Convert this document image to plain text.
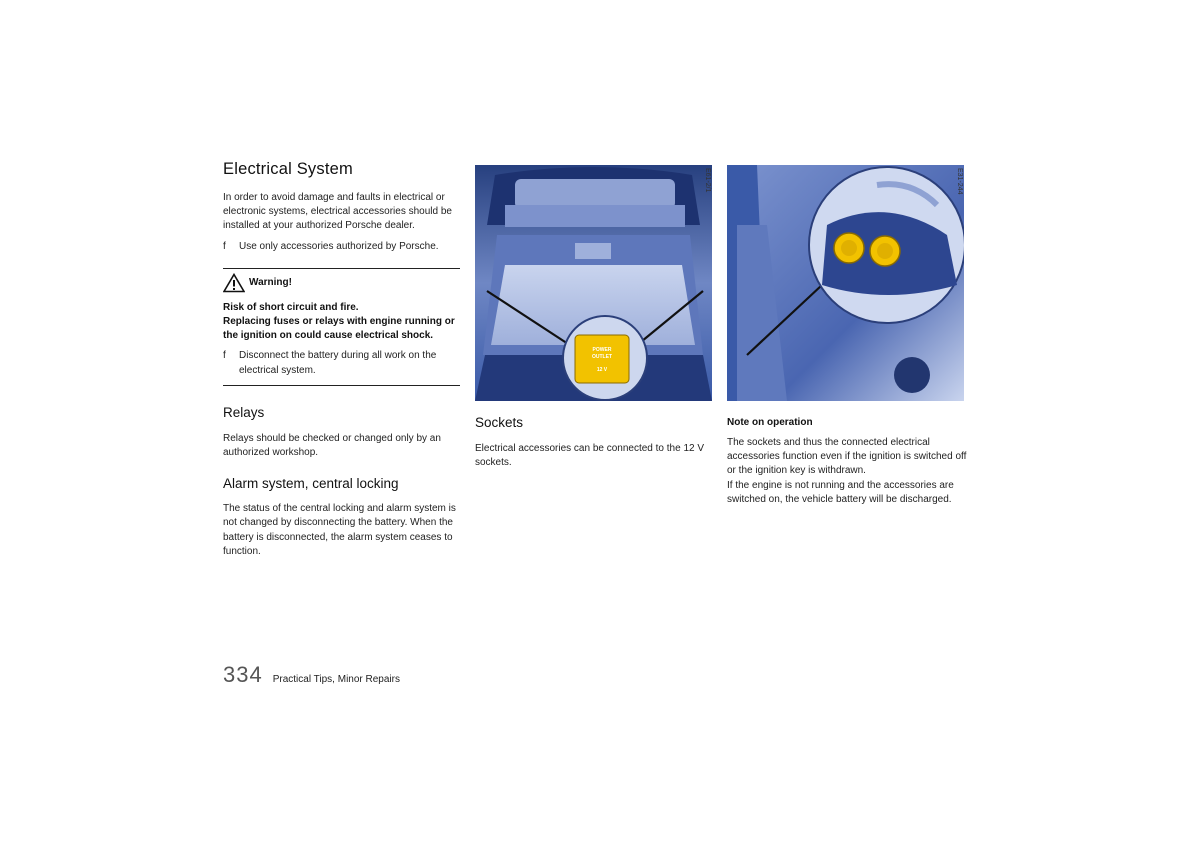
Electrical System

In order to avoid damage and faults in electrical or electronic systems, electrical accessories should be installed at your authorized Porsche dealer.

f	Use only accessories authorized by Porsche.
Warning!
Risk of short circuit and fire.
Replacing fuses or relays with engine running or the ignition on could cause electrical shock.
f	Disconnect the battery during all work on the electrical system.
Relays

Relays should be checked or changed only by an authorized workshop.

Alarm system, central locking

The status of the central locking and alarm system is not changed by disconnecting the battery. When the battery is disconnected, the alarm system ceases to function.

POWER
OUTLET
12 V
E61-2/1
Sockets

Electrical accessories can be connected to the 12 V sockets.

E31-244
Note on operation

The sockets and thus the connected electrical accessories function even if the ignition is switched off or the ignition key is withdrawn.

If the engine is not running and the accessories are switched on, the vehicle battery will be discharged.

334 Practical Tips, Minor Repairs
